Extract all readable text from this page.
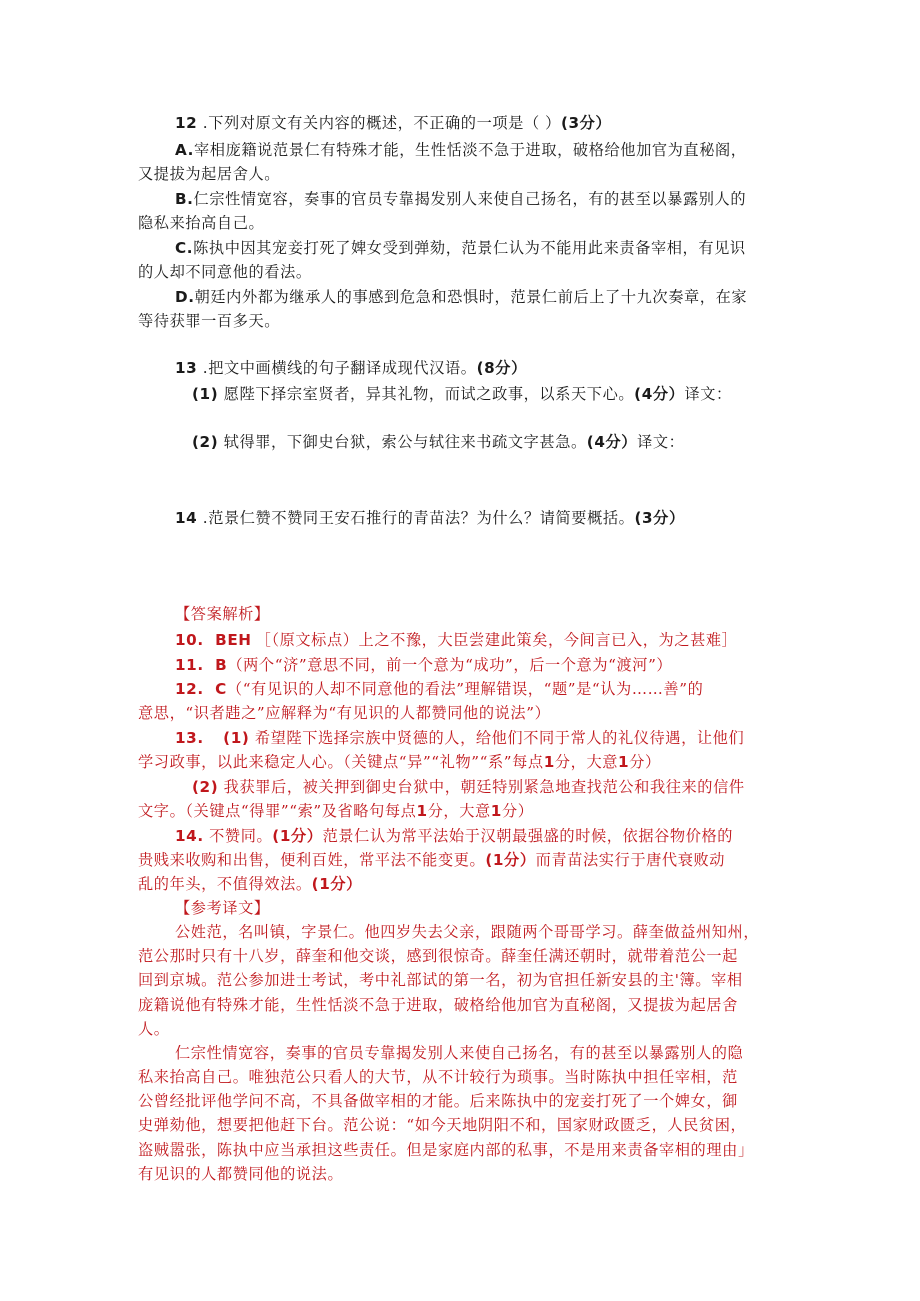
12 .下列对原文有关内容的概述，不正确的一项是（ ）(3分）
A.宰相庞籍说范景仁有特殊才能，生性恬淡不急于进取，破格给他加官为直秘阁，
又提拔为起居舍人。
B.仁宗性情宽容，奏事的官员专靠揭发别人来使自己扬名，有的甚至以暴露别人的
隐私来抬高自己。
C.陈执中因其宠妾打死了婢女受到弹劾，范景仁认为不能用此来责备宰相，有见识
的人却不同意他的看法。
D.朝廷内外都为继承人的事感到危急和恐惧时，范景仁前后上了十九次奏章，在家
等待获罪一百多天。
13 .把文中画横线的句子翻译成现代汉语。(8分）
(1) 愿陛下择宗室贤者，异其礼物，而试之政事，以系天下心。(4分）译文：
(2) 轼得罪，下御史台狱，索公与轼往来书疏文字甚急。(4分）译文：
14 .范景仁赞不赞同王安石推行的青苗法？为什么？请简要概括。(3分）
【答案解析】
10. BEH ［（原文标点）上之不豫，大臣尝建此策矣，今间言已入，为之甚难］
11. B（两个“济”意思不同，前一个意为“成功”，后一个意为“渡河”）
12. C（“有见识的人却不同意他的看法”理解错误，“题”是“认为……善”的
意思，“识者韪之”应解释为“有见识的人都赞同他的说法”）
13. (1) 希望陛下选择宗族中贤德的人，给他们不同于常人的礼仪待遇，让他们
学习政事，以此来稳定人心。（关键点“异”“礼物”“系”每点1分，大意1分）
(2) 我获罪后，被关押到御史台狱中，朝廷特别紧急地查找范公和我往来的信件
文字。（关键点“得罪”“索”及省略句每点1分，大意1分）
14. 不赞同。(1分）范景仁认为常平法始于汉朝最强盛的时候，依据谷物价格的
贵贱来收购和出售，便利百姓，常平法不能变更。(1分）而青苗法实行于唐代衰败动
乱的年头，不值得效法。(1分）
【参考译文】
公姓范，名叫镇，字景仁。他四岁失去父亲，跟随两个哥哥学习。薛奎做益州知州，
范公那时只有十八岁，薛奎和他交谈，感到很惊奇。薛奎任满还朝时，就带着范公一起
回到京城。范公参加进士考试，考中礼部试的第一名，初为官担任新安县的主'簿。宰相
庞籍说他有特殊才能，生性恬淡不急于进取，破格给他加官为直秘阁，又提拔为起居舍
人。
仁宗性情宽容，奏事的官员专靠揭发别人来使自己扬名，有的甚至以暴露别人的隐
私来抬高自己。唯独范公只看人的大节，从不计较行为琐事。当时陈执中担任宰相，范
公曾经批评他学问不高，不具备做宰相的才能。后来陈执中的宠妾打死了一个婢女，御
史弹劾他，想要把他赶下台。范公说：“如今天地阴阳不和，国家财政匮乏，人民贫困，
盗贼嚣张，陈执中应当承担这些责任。但是家庭内部的私事，不是用来责备宰相的理由」
有见识的人都赞同他的说法。
